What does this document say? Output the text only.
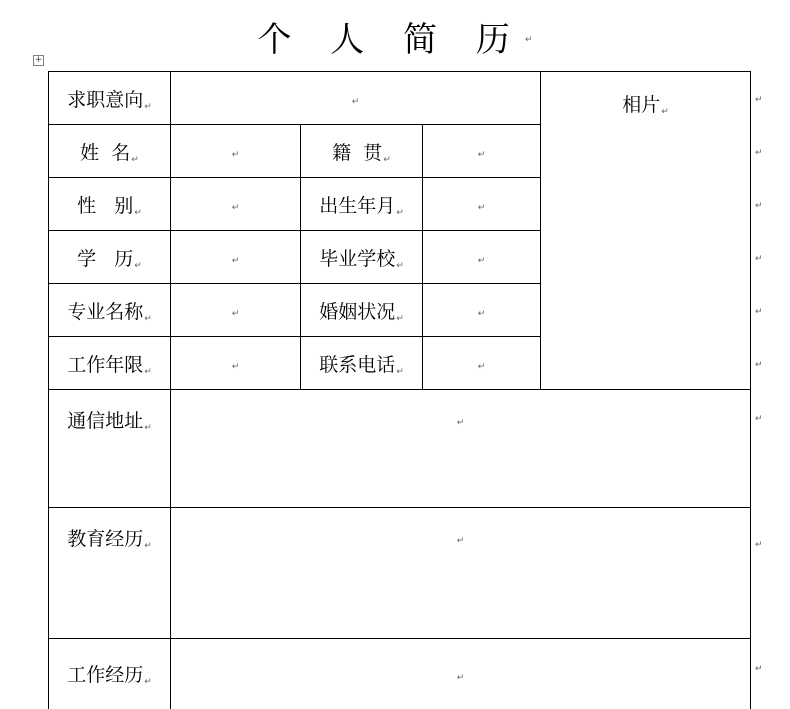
个 人 简 历↵
+
求职意向↵	↵			相片↵
姓  名↵	↵	籍  贯↵	↵	
性   别↵	↵	出生年月↵	↵	
学   历↵	↵	毕业学校↵	↵	
专业名称↵	↵	婚姻状况↵	↵	
工作年限↵	↵	联系电话↵	↵	
通信地址↵	↵			
教育经历↵	↵			
工作经历↵	↵			
↵
↵
↵
↵
↵
↵
↵
↵
↵
